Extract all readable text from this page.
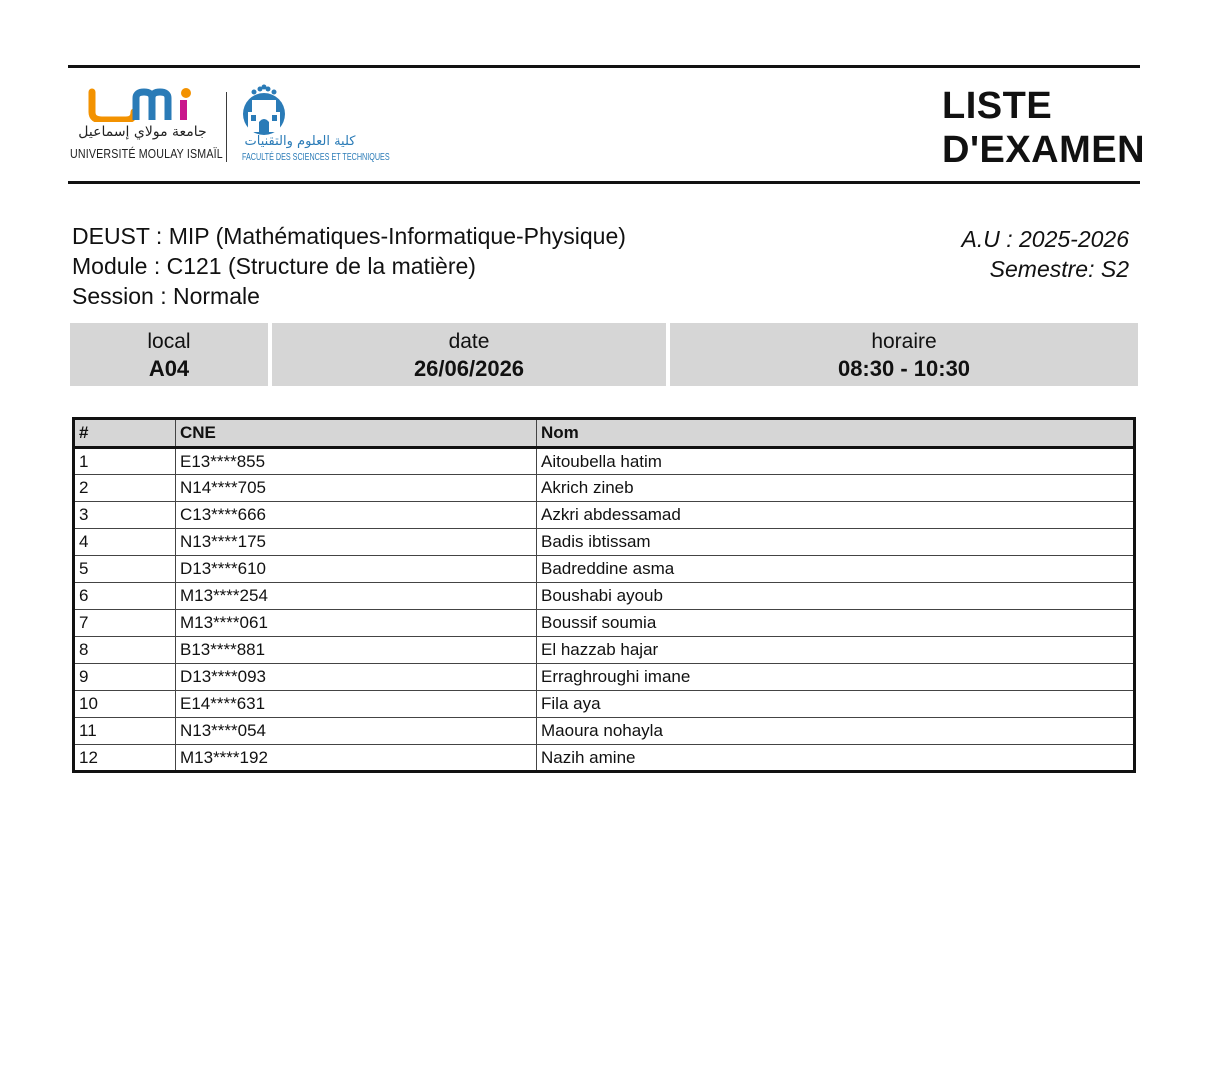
جامعة مولاي إسماعيل
UNIVERSITÉ MOULAY ISMAÏL
كلية العلوم والتقنيات
FACULTÉ DES SCIENCES ET TECHNIQUES
LISTE
D'EXAMEN
DEUST : MIP (Mathématiques-Informatique-Physique)
Module : C121 (Structure de la matière)
Session : Normale
A.U : 2025-2026
Semestre: S2
local
A04
date
26/06/2026
horaire
08:30 - 10:30
#	CNE	Nom
1	E13****855	Aitoubella hatim
2	N14****705	Akrich zineb
3	C13****666	Azkri abdessamad
4	N13****175	Badis ibtissam
5	D13****610	Badreddine asma
6	M13****254	Boushabi ayoub
7	M13****061	Boussif soumia
8	B13****881	El hazzab hajar
9	D13****093	Erraghroughi imane
10	E14****631	Fila aya
11	N13****054	Maoura nohayla
12	M13****192	Nazih amine
